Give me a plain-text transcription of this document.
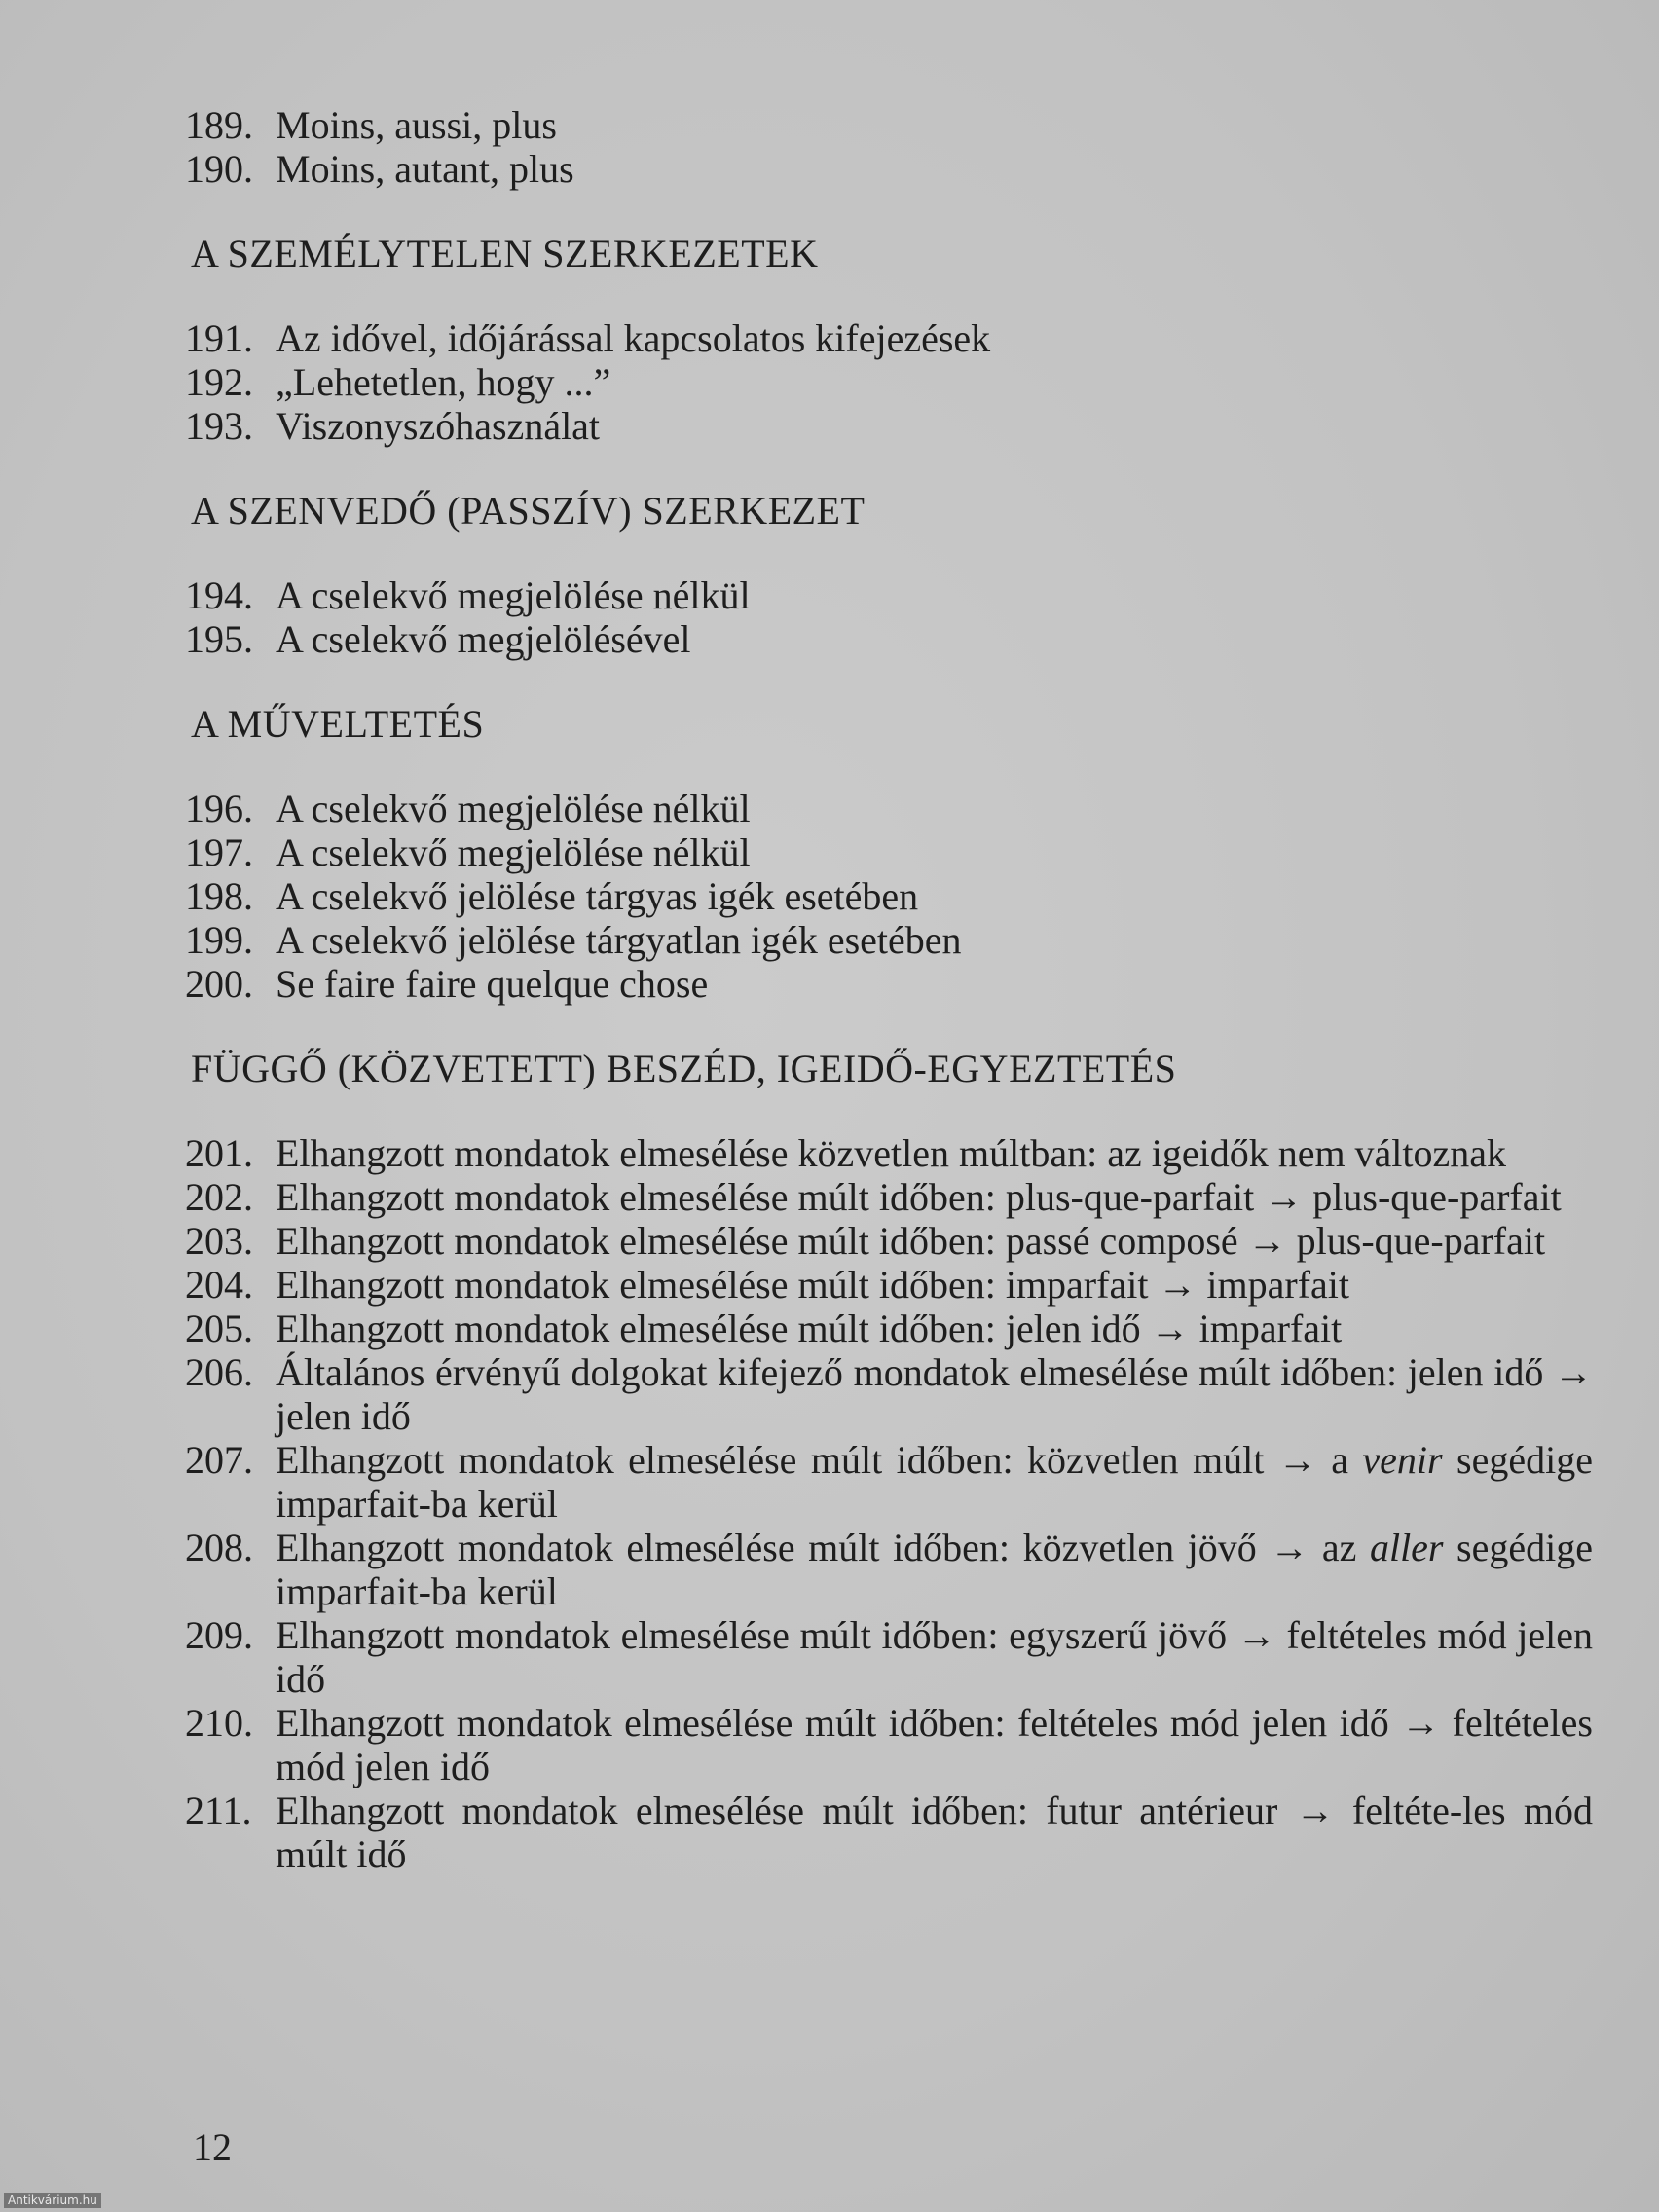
189. Moins, aussi, plus
190. Moins, autant, plus
A SZEMÉLYTELEN SZERKEZETEK
191. Az idővel, időjárással kapcsolatos kifejezések
192. „Lehetetlen, hogy ...”
193. Viszonyszóhasználat
A SZENVEDŐ (PASSZÍV) SZERKEZET
194. A cselekvő megjelölése nélkül
195. A cselekvő megjelölésével
A MŰVELTETÉS
196. A cselekvő megjelölése nélkül
197. A cselekvő megjelölése nélkül
198. A cselekvő jelölése tárgyas igék esetében
199. A cselekvő jelölése tárgyatlan igék esetében
200. Se faire faire quelque chose
FÜGGŐ (KÖZVETETT) BESZÉD, IGEIDŐ-EGYEZTETÉS
201. Elhangzott mondatok elmesélése közvetlen múltban: az igeidők nem változnak
202. Elhangzott mondatok elmesélése múlt időben: plus-que-parfait → plus-que-parfait
203. Elhangzott mondatok elmesélése múlt időben: passé composé → plus-que-parfait
204. Elhangzott mondatok elmesélése múlt időben: imparfait → imparfait
205. Elhangzott mondatok elmesélése múlt időben: jelen idő → imparfait
206. Általános érvényű dolgokat kifejező mondatok elmesélése múlt időben: jelen idő → jelen idő
207. Elhangzott mondatok elmesélése múlt időben: közvetlen múlt → a venir segédige imparfait-ba kerül
208. Elhangzott mondatok elmesélése múlt időben: közvetlen jövő → az aller segédige imparfait-ba kerül
209. Elhangzott mondatok elmesélése múlt időben: egyszerű jövő → feltételes mód jelen idő
210. Elhangzott mondatok elmesélése múlt időben: feltételes mód jelen idő → feltételes mód jelen idő
211. Elhangzott mondatok elmesélése múlt időben: futur antérieur → feltéte-les mód múlt idő
12
Antikvárium.hu
